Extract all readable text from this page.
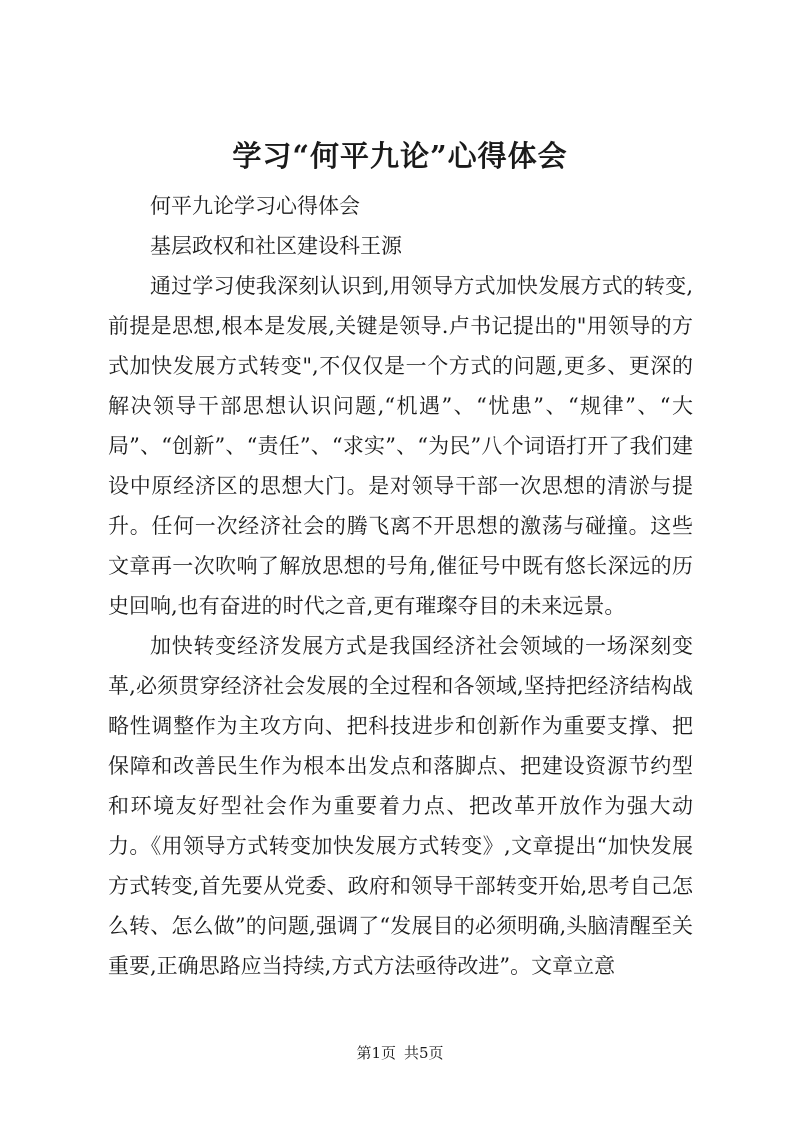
学习“何平九论”心得体会

何平九论学习心得体会

基层政权和社区建设科王源

通过学习使我深刻认识到,用领导方式加快发展方式的转变,前提是思想,根本是发展,关键是领导.卢书记提出的"用领导的方式加快发展方式转变",不仅仅是一个方式的问题,更多、更深的解决领导干部思想认识问题,“机遇”、“忧患”、“规律”、“大局”、“创新”、“责任”、“求实”、“为民”八个词语打开了我们建设中原经济区的思想大门。是对领导干部一次思想的清淤与提升。任何一次经济社会的腾飞离不开思想的激荡与碰撞。这些文章再一次吹响了解放思想的号角,催征号中既有悠长深远的历史回响,也有奋进的时代之音,更有璀璨夺目的未来远景。

加快转变经济发展方式是我国经济社会领域的一场深刻变革,必须贯穿经济社会发展的全过程和各领域,坚持把经济结构战略性调整作为主攻方向、把科技进步和创新作为重要支撑、把保障和改善民生作为根本出发点和落脚点、把建设资源节约型和环境友好型社会作为重要着力点、把改革开放作为强大动力。《用领导方式转变加快发展方式转变》,文章提出“加快发展方式转变,首先要从党委、政府和领导干部转变开始,思考自己怎么转、怎么做”的问题,强调了“发展目的必须明确,头脑清醒至关重要,正确思路应当持续,方式方法亟待改进”。文章立意

第1页 共5页
